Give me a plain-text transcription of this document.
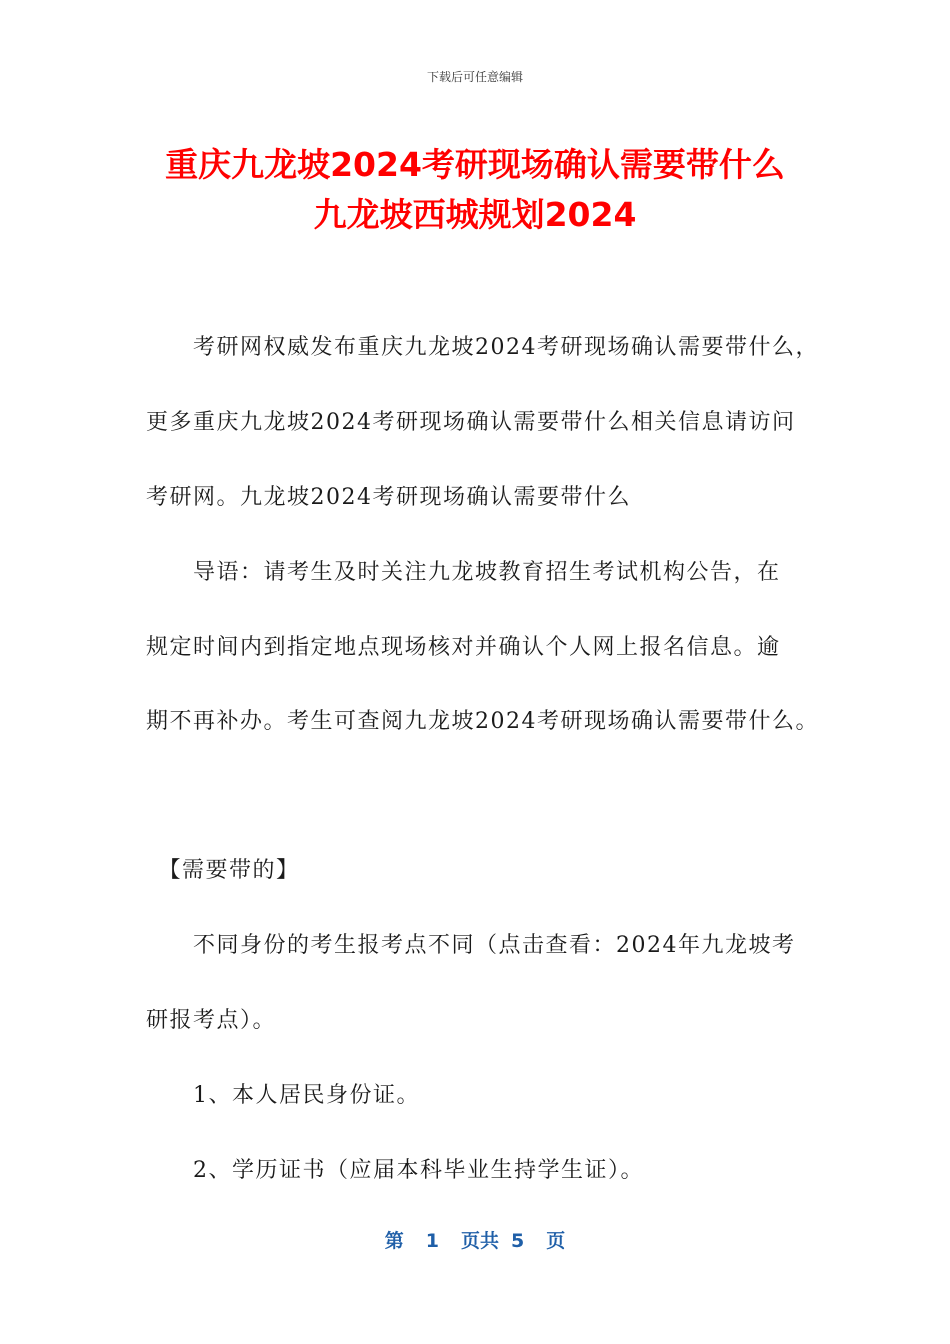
下载后可任意编辑
重庆九龙坡2024考研现场确认需要带什么
九龙坡西城规划2024
　　考研网权威发布重庆九龙坡2024考研现场确认需要带什么，
更多重庆九龙坡2024考研现场确认需要带什么相关信息请访问
考研网。九龙坡2024考研现场确认需要带什么
　　导语：请考生及时关注九龙坡教育招生考试机构公告，在
规定时间内到指定地点现场核对并确认个人网上报名信息。逾
期不再补办。考生可查阅九龙坡2024考研现场确认需要带什么。
　【需要带的】
　　不同身份的考生报考点不同（点击查看：2024年九龙坡考
研报考点）。
　　1、本人居民身份证。
　　2、学历证书（应届本科毕业生持学生证）。
第 1 页共 5 页
